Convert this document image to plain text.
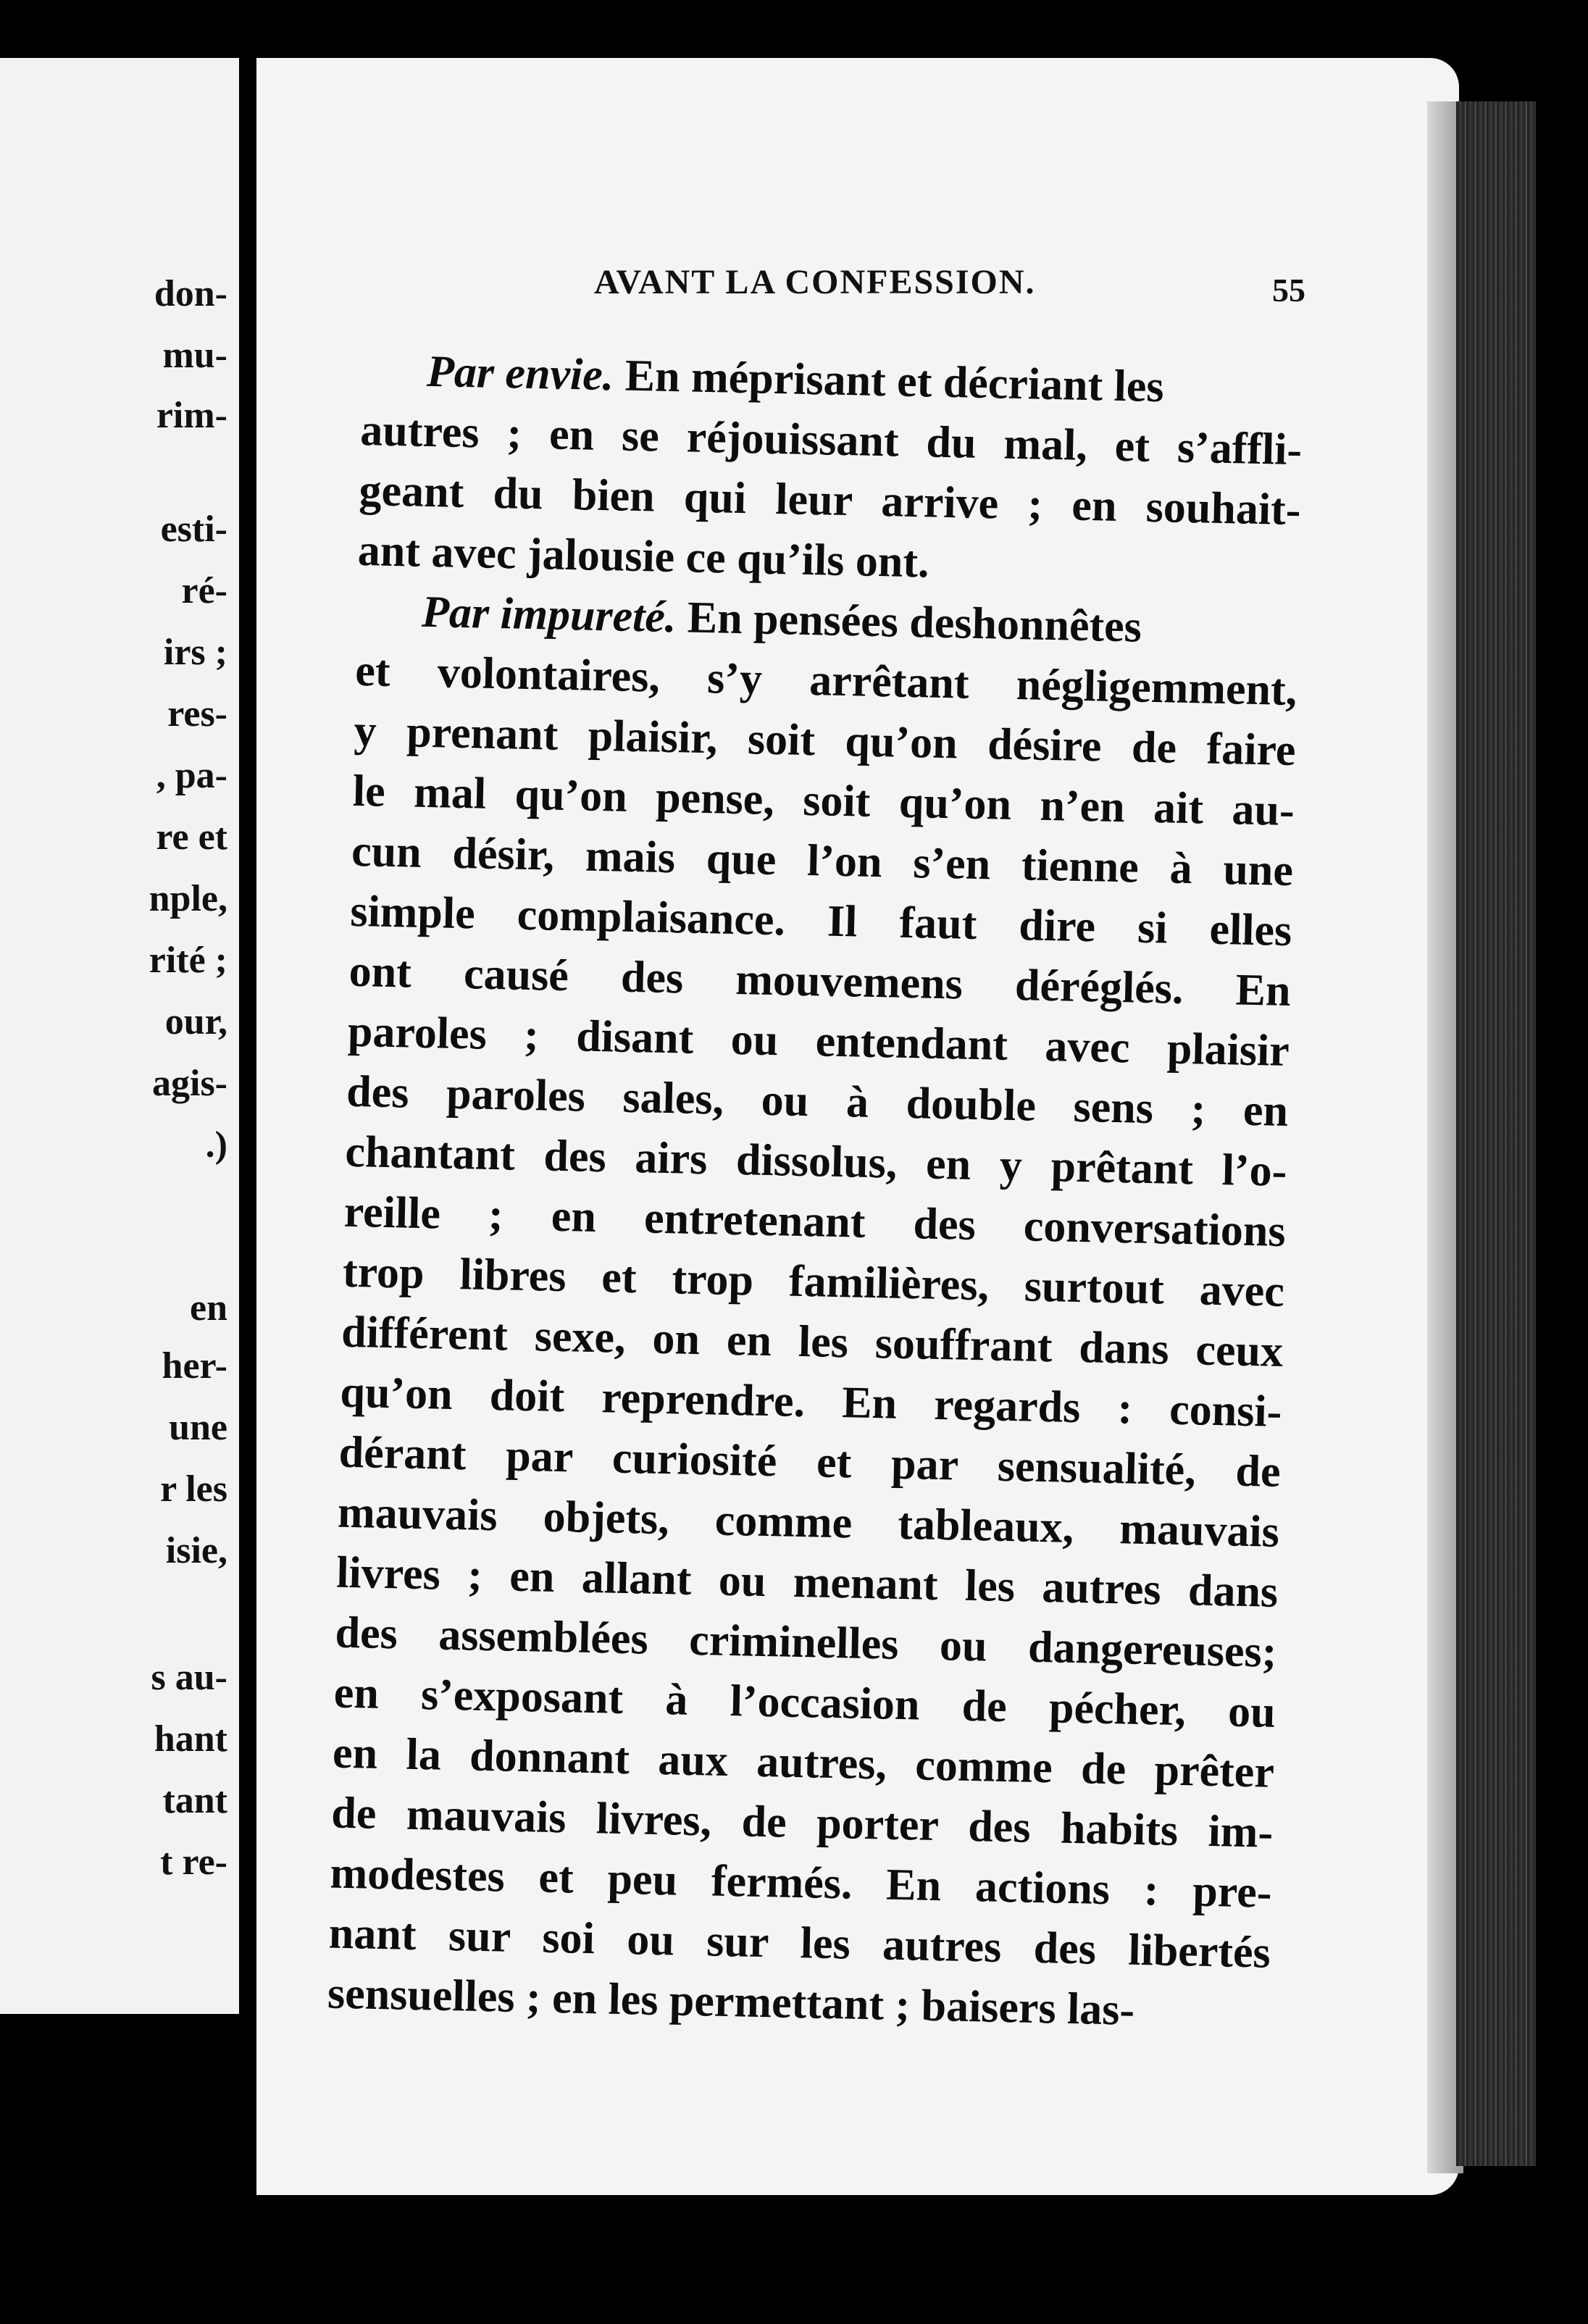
don-
mu-
rim-
esti-
ré-
irs ;
res-
, pa-
re et
nple,
rité ;
our,
agis-
.)
en
her-
une
r les
isie,
s au-
hant
tant
t re-
AVANT LA CONFESSION.	55
Par envie. En méprisant et décriant les
autres ; en se réjouissant du mal, et s’affli-
geant du bien qui leur arrive ; en souhait-
ant avec jalousie ce qu’ils ont.
Par impureté. En pensées deshonnêtes
et volontaires, s’y arrêtant négligemment,
y prenant plaisir, soit qu’on désire de faire
le mal qu’on pense, soit qu’on n’en ait au-
cun désir, mais que l’on s’en tienne à une
simple complaisance. Il faut dire si elles
ont causé des mouvemens déréglés. En
paroles ; disant ou entendant avec plaisir
des paroles sales, ou à double sens ; en
chantant des airs dissolus, en y prêtant l’o-
reille ; en entretenant des conversations
trop libres et trop familières, surtout avec
différent sexe, on en les souffrant dans ceux
qu’on doit reprendre. En regards : consi-
dérant par curiosité et par sensualité, de
mauvais objets, comme tableaux, mauvais
livres ; en allant ou menant les autres dans
des assemblées criminelles ou dangereuses;
en s’exposant à l’occasion de pécher, ou
en la donnant aux autres, comme de prêter
de mauvais livres, de porter des habits im-
modestes et peu fermés. En actions : pre-
nant sur soi ou sur les autres des libertés
sensuelles ; en les permettant ; baisers las-
